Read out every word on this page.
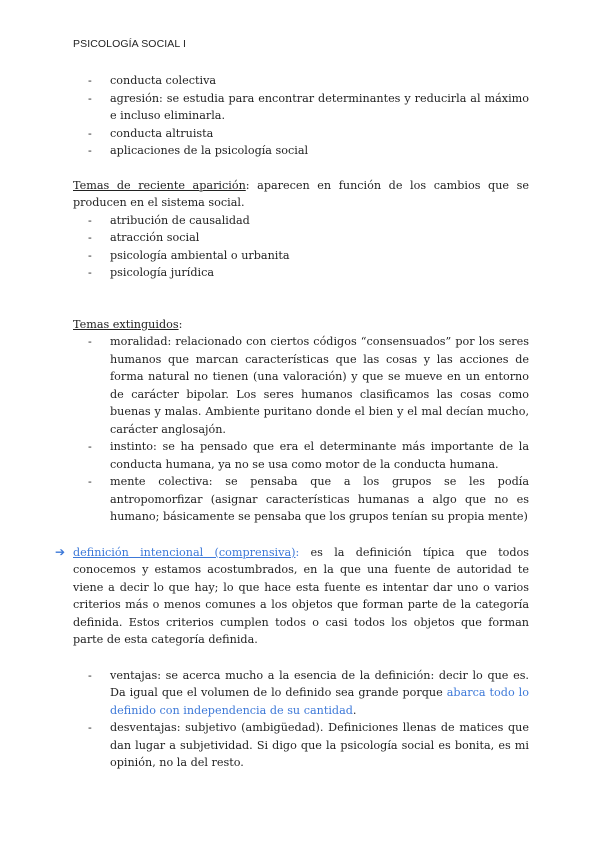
PSICOLOGÍA SOCIAL I
- conducta colectiva
- agresión: se estudia para encontrar determinantes y reducirla al máximo e incluso eliminarla.
- conducta altruista
- aplicaciones de la psicología social

Temas de reciente aparición: aparecen en función de los cambios que se producen en el sistema social.

- atribución de causalidad
- atracción social
- psicología ambiental o urbanita
- psicología jurídica

Temas extinguidos:

- moralidad: relacionado con ciertos códigos “consensuados” por los seres humanos que marcan características que las cosas y las acciones de forma natural no tienen (una valoración) y que se mueve en un entorno de carácter bipolar. Los seres humanos clasificamos las cosas como buenas y malas. Ambiente puritano donde el bien y el mal decían mucho, carácter anglosajón.
- instinto: se ha pensado que era el determinante más importante de la conducta humana, ya no se usa como motor de la conducta humana.
- mente colectiva: se pensaba que a los grupos se les podía antropomorfizar (asignar características humanas a algo que no es humano; básicamente se pensaba que los grupos tenían su propia mente)

➔ definición intencional (comprensiva): es la definición típica que todos conocemos y estamos acostumbrados, en la que una fuente de autoridad te viene a decir lo que hay; lo que hace esta fuente es intentar dar uno o varios criterios más o menos comunes a los objetos que forman parte de la categoría definida. Estos criterios cumplen todos o casi todos los objetos que forman parte de esta categoría definida.

- ventajas: se acerca mucho a la esencia de la definición: decir lo que es. Da igual que el volumen de lo definido sea grande porque abarca todo lo definido con independencia de su cantidad.
- desventajas: subjetivo (ambigüedad). Definiciones llenas de matices que dan lugar a subjetividad. Si digo que la psicología social es bonita, es mi opinión, no la del resto.
